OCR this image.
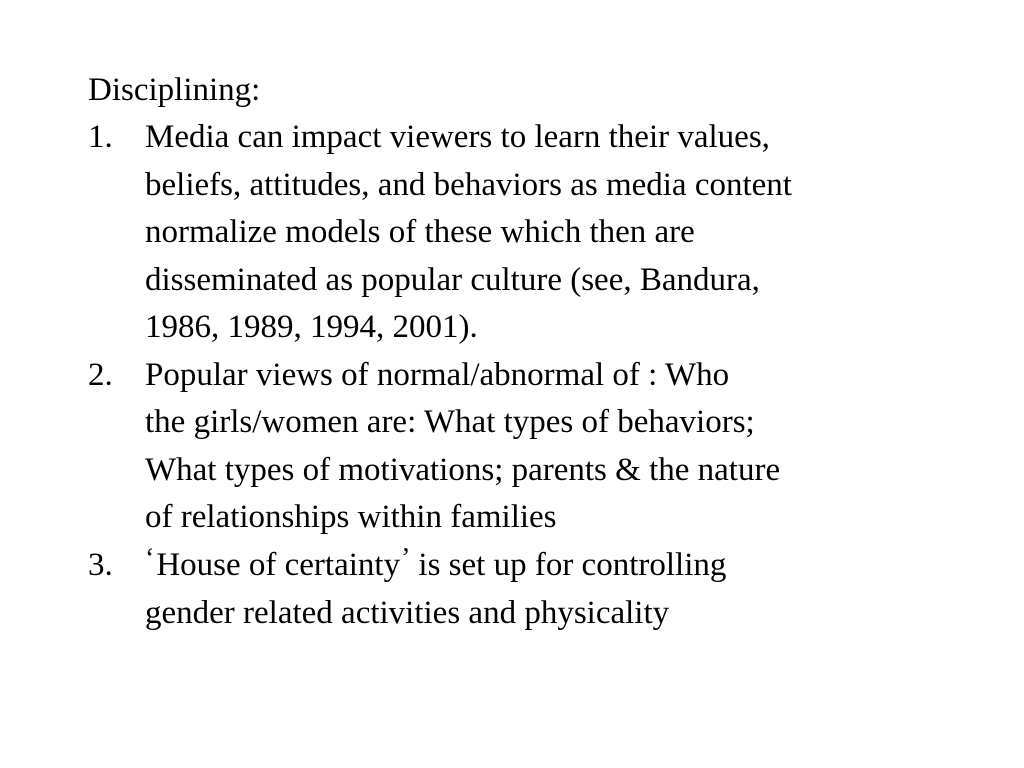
Disciplining:
1. Media can impact viewers to learn their values,
beliefs, attitudes, and behaviors as media content
normalize models of these which then are
disseminated as popular culture (see, Bandura,
1986, 1989, 1994, 2001).
2. Popular views of normal/abnormal of : Who
the girls/women are: What types of behaviors;
What types of motivations; parents & the nature
of relationships within families
3. ‘House of certainty’ is set up for controlling
gender related activities and physicality
